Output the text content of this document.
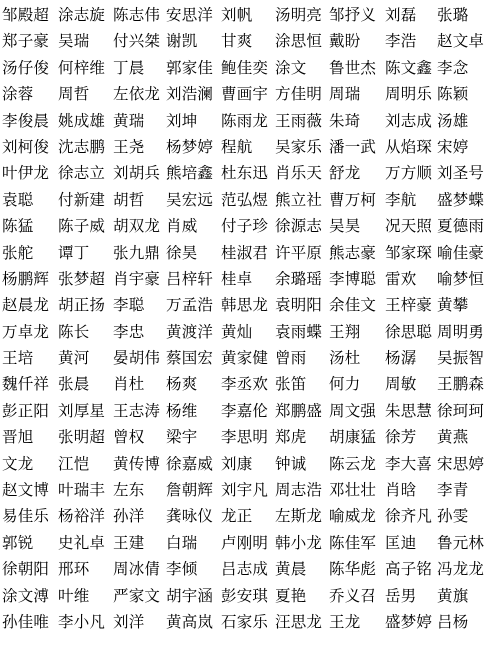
邹殿超 涂志旋 陈志伟 安思洋 刘帆 汤明亮 邹抒义 刘磊 张璐
郑子豪 吴瑞 付兴桀 谢凯 甘爽 涂思恒 戴盼 李浩 赵文卓
汤仔俊 何梓维 丁晨 郭家佳 鲍佳奕 涂文 鲁世杰 陈文鑫 李念
涂蓉 周哲 左依龙 刘浩澜 曹画宇 方佳明 周瑞 周明乐 陈颖
李俊晨 姚成雄 黄瑞 刘坤 陈雨龙 王雨薇 朱琦 刘志成 汤雄
刘柯俊 沈志鹏 王尧 杨梦婷 程航 吴家乐 潘一武 从焰琛 宋婷
叶伊龙 徐志立 刘胡兵 熊培鑫 杜东迅 肖乐天 舒龙 万方顺 刘圣号
袁聪 付新建 胡哲 吴宏远 范弘煜 熊立社 曹万柯 李航 盛梦蝶
陈猛 陈子威 胡双龙 肖威 付子珍 徐源志 吴昊 况天照 夏德雨
张舵 谭丁 张九鼎 徐昊 桂淑君 许平原 熊志豪 邹家琛 喻佳豪
杨鹏辉 张梦超 肖宇豪 吕梓轩 桂卓 余璐瑶 李博聪 雷欢 喻梦恒
赵晨龙 胡正扬 李聪 万孟浩 韩思龙 袁明阳 余佳文 王梓豪 黄攀
万卓龙 陈长 李忠 黄渡洋 黄灿 袁雨蝶 王翔 徐思聪 周明勇
王培 黄河 晏胡伟 蔡国宏 黄家健 曾雨 汤杜 杨潺 吴振智
魏仟祥 张晨 肖杜 杨爽 李丞欢 张笛 何力 周敏 王鹏森
彭正阳 刘厚星 王志涛 杨维 李嘉伦 郑鹏盛 周文强 朱思慧 徐珂珂
晋旭 张明超 曾权 梁宇 李思明 郑虎 胡康猛 徐芳 黄燕
文龙 江恺 黄传博 徐嘉威 刘康 钟诚 陈云龙 李大喜 宋思婷
赵文博 叶瑞丰 左东 詹朝辉 刘宇凡 周志浩 邓壮壮 肖晗 李青
易佳乐 杨裕洋 孙洋 龚咏仪 龙正 左斯龙 喻威龙 徐齐凡 孙雯
郭锐 史礼卓 王建 白瑞 卢刚明 韩小龙 陈佳军 匡迪 鲁元林
徐朝阳 邢环 周冰倩 李倾 吕志成 黄晨 陈华彪 高子铭 冯龙龙
涂文溥 叶维 严家文 胡宇涵 彭安琪 夏艳 乔义召 岳男 黄旗
孙佳唯 李小凡 刘洋 黄高岚 石家乐 汪思龙 王龙 盛梦婷 吕杨
